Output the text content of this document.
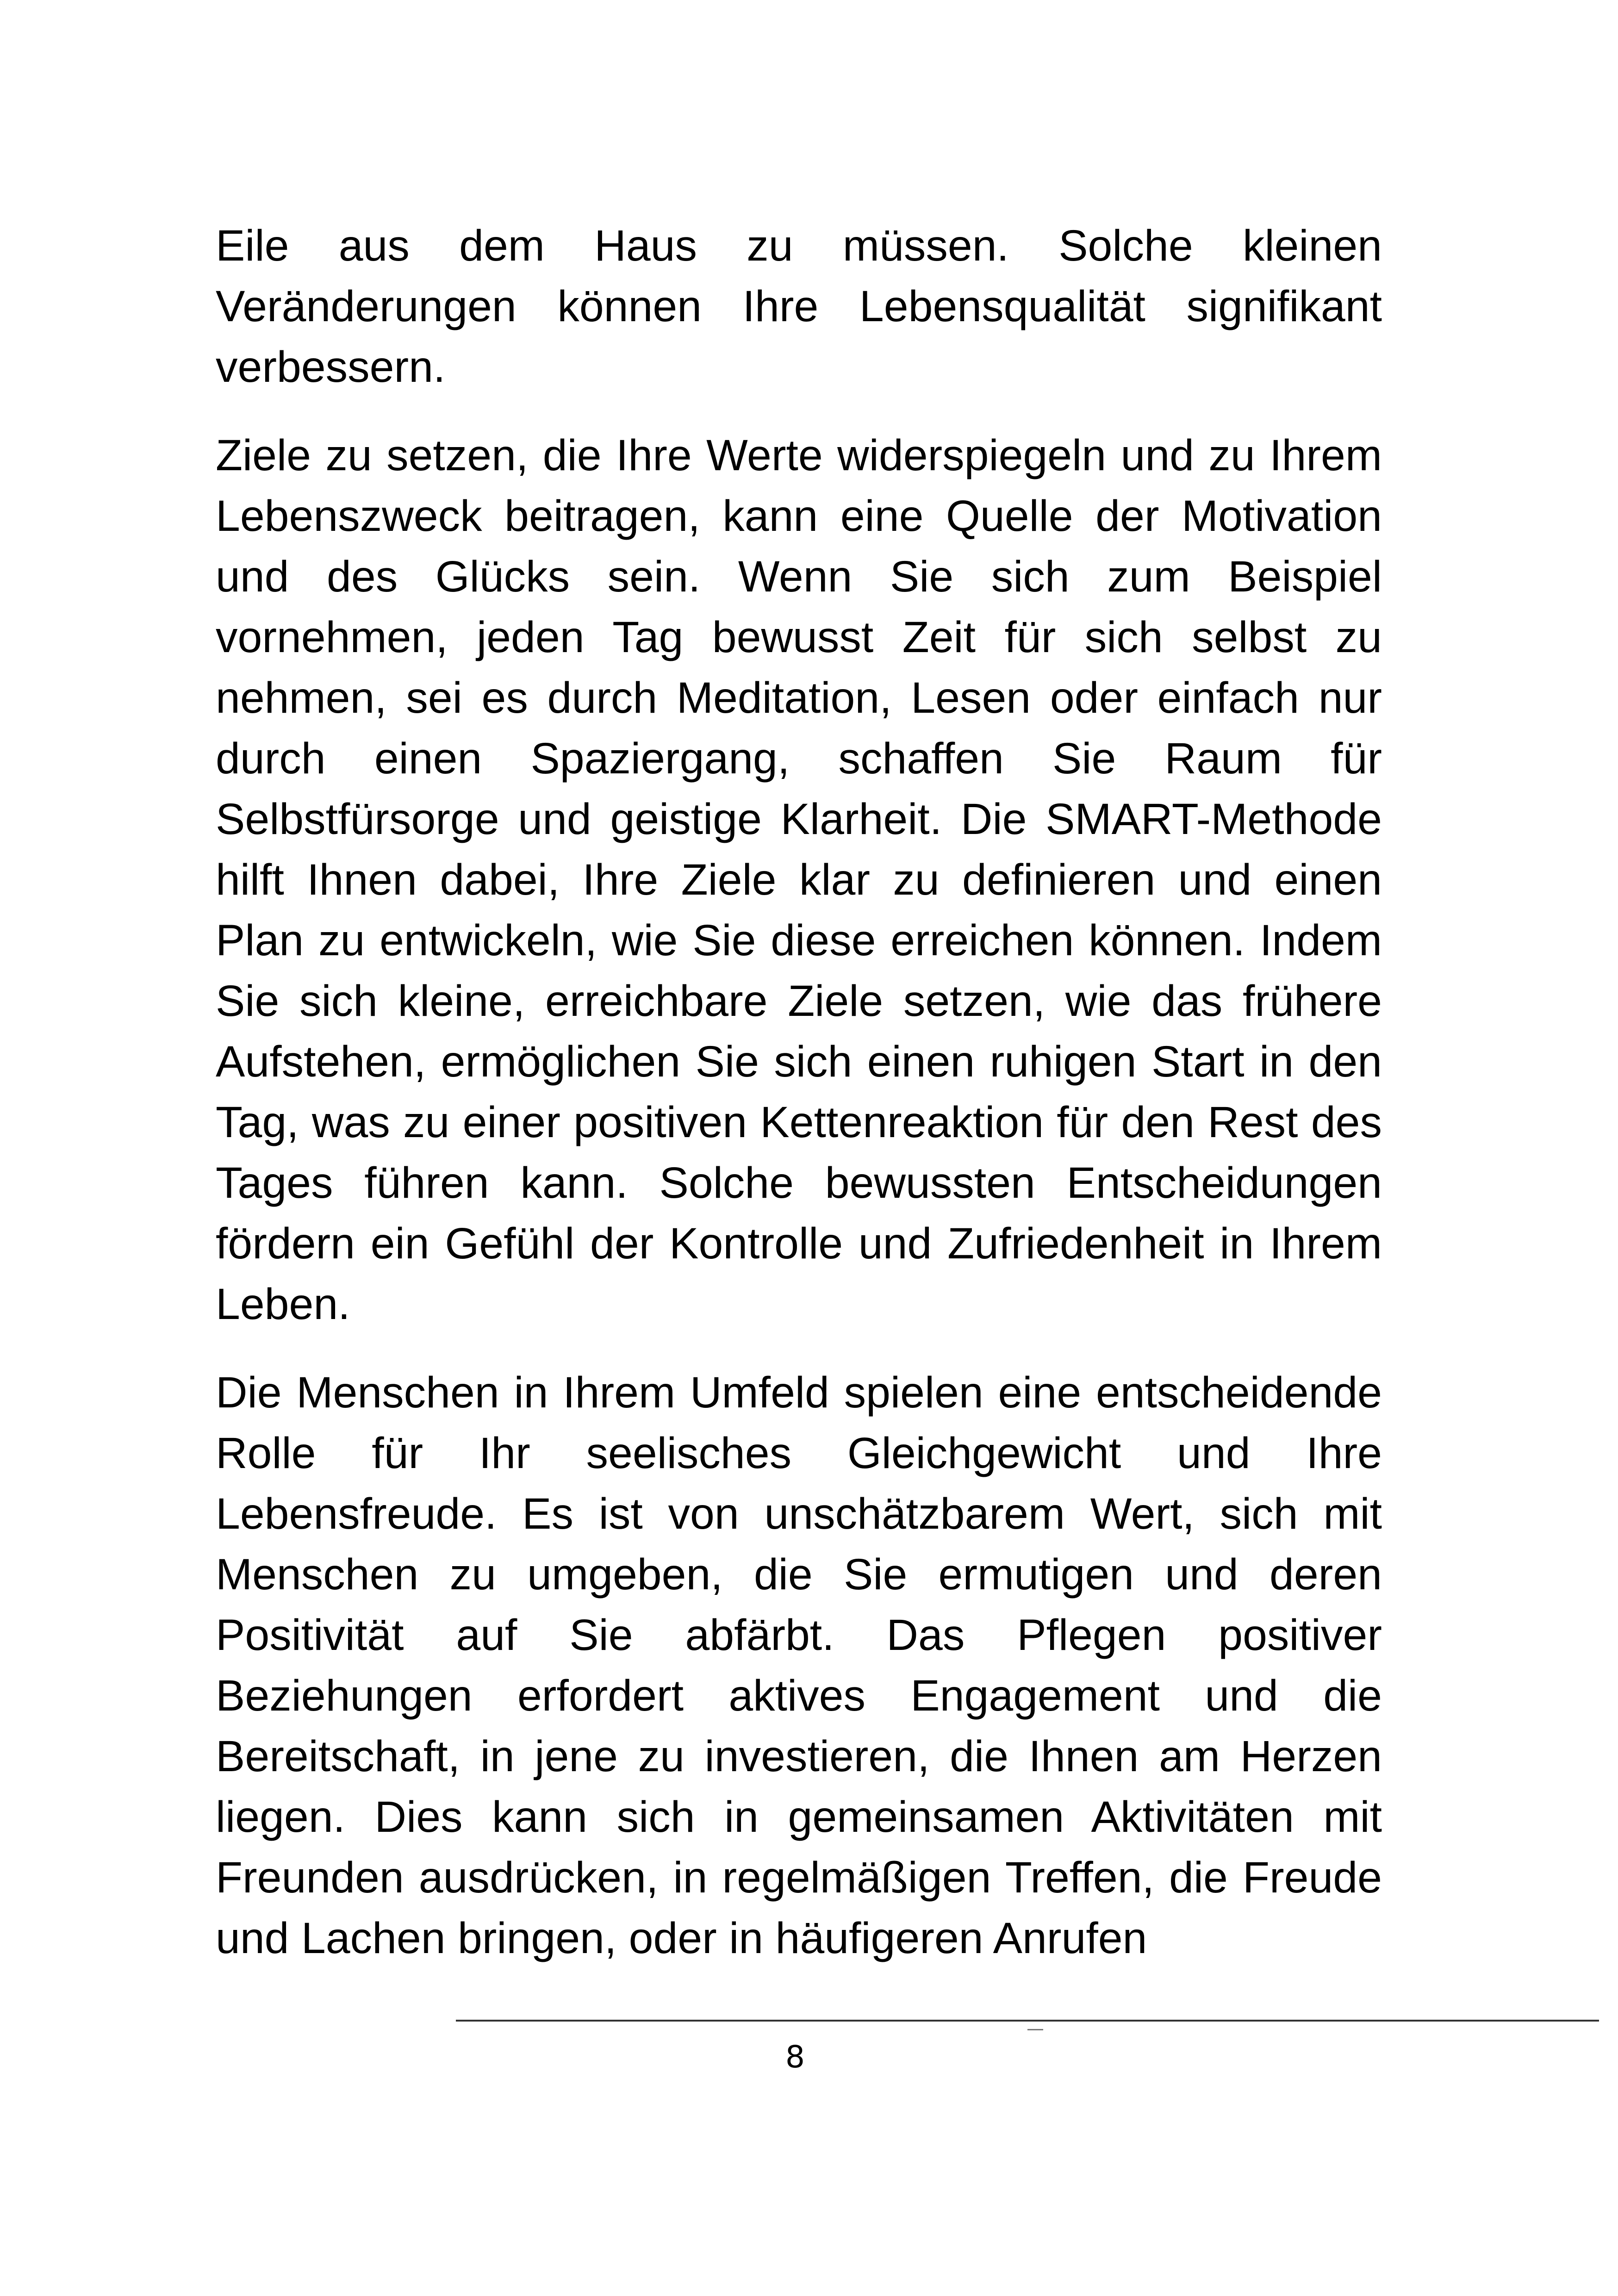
Eile aus dem Haus zu müssen. Solche kleinen Veränderungen können Ihre Lebensqualität signifikant verbessern.

Ziele zu setzen, die Ihre Werte widerspiegeln und zu Ihrem Lebenszweck beitragen, kann eine Quelle der Motivation und des Glücks sein. Wenn Sie sich zum Beispiel vornehmen, jeden Tag bewusst Zeit für sich selbst zu nehmen, sei es durch Meditation, Lesen oder einfach nur durch einen Spaziergang, schaffen Sie Raum für Selbstfürsorge und geistige Klarheit. Die SMART-Methode hilft Ihnen dabei, Ihre Ziele klar zu definieren und einen Plan zu entwickeln, wie Sie diese erreichen können. Indem Sie sich kleine, erreichbare Ziele setzen, wie das frühere Aufstehen, ermöglichen Sie sich einen ruhigen Start in den Tag, was zu einer positiven Kettenreaktion für den Rest des Tages führen kann. Solche bewussten Entscheidungen fördern ein Gefühl der Kontrolle und Zufriedenheit in Ihrem Leben.

Die Menschen in Ihrem Umfeld spielen eine entscheidende Rolle für Ihr seelisches Gleichgewicht und Ihre Lebensfreude. Es ist von unschätzbarem Wert, sich mit Menschen zu umgeben, die Sie ermutigen und deren Positivität auf Sie abfärbt. Das Pflegen positiver Beziehungen erfordert aktives Engagement und die Bereitschaft, in jene zu investieren, die Ihnen am Herzen liegen. Dies kann sich in gemeinsamen Aktivitäten mit Freunden ausdrücken, in regelmäßigen Treffen, die Freude und Lachen bringen, oder in häufigeren Anrufen

8
